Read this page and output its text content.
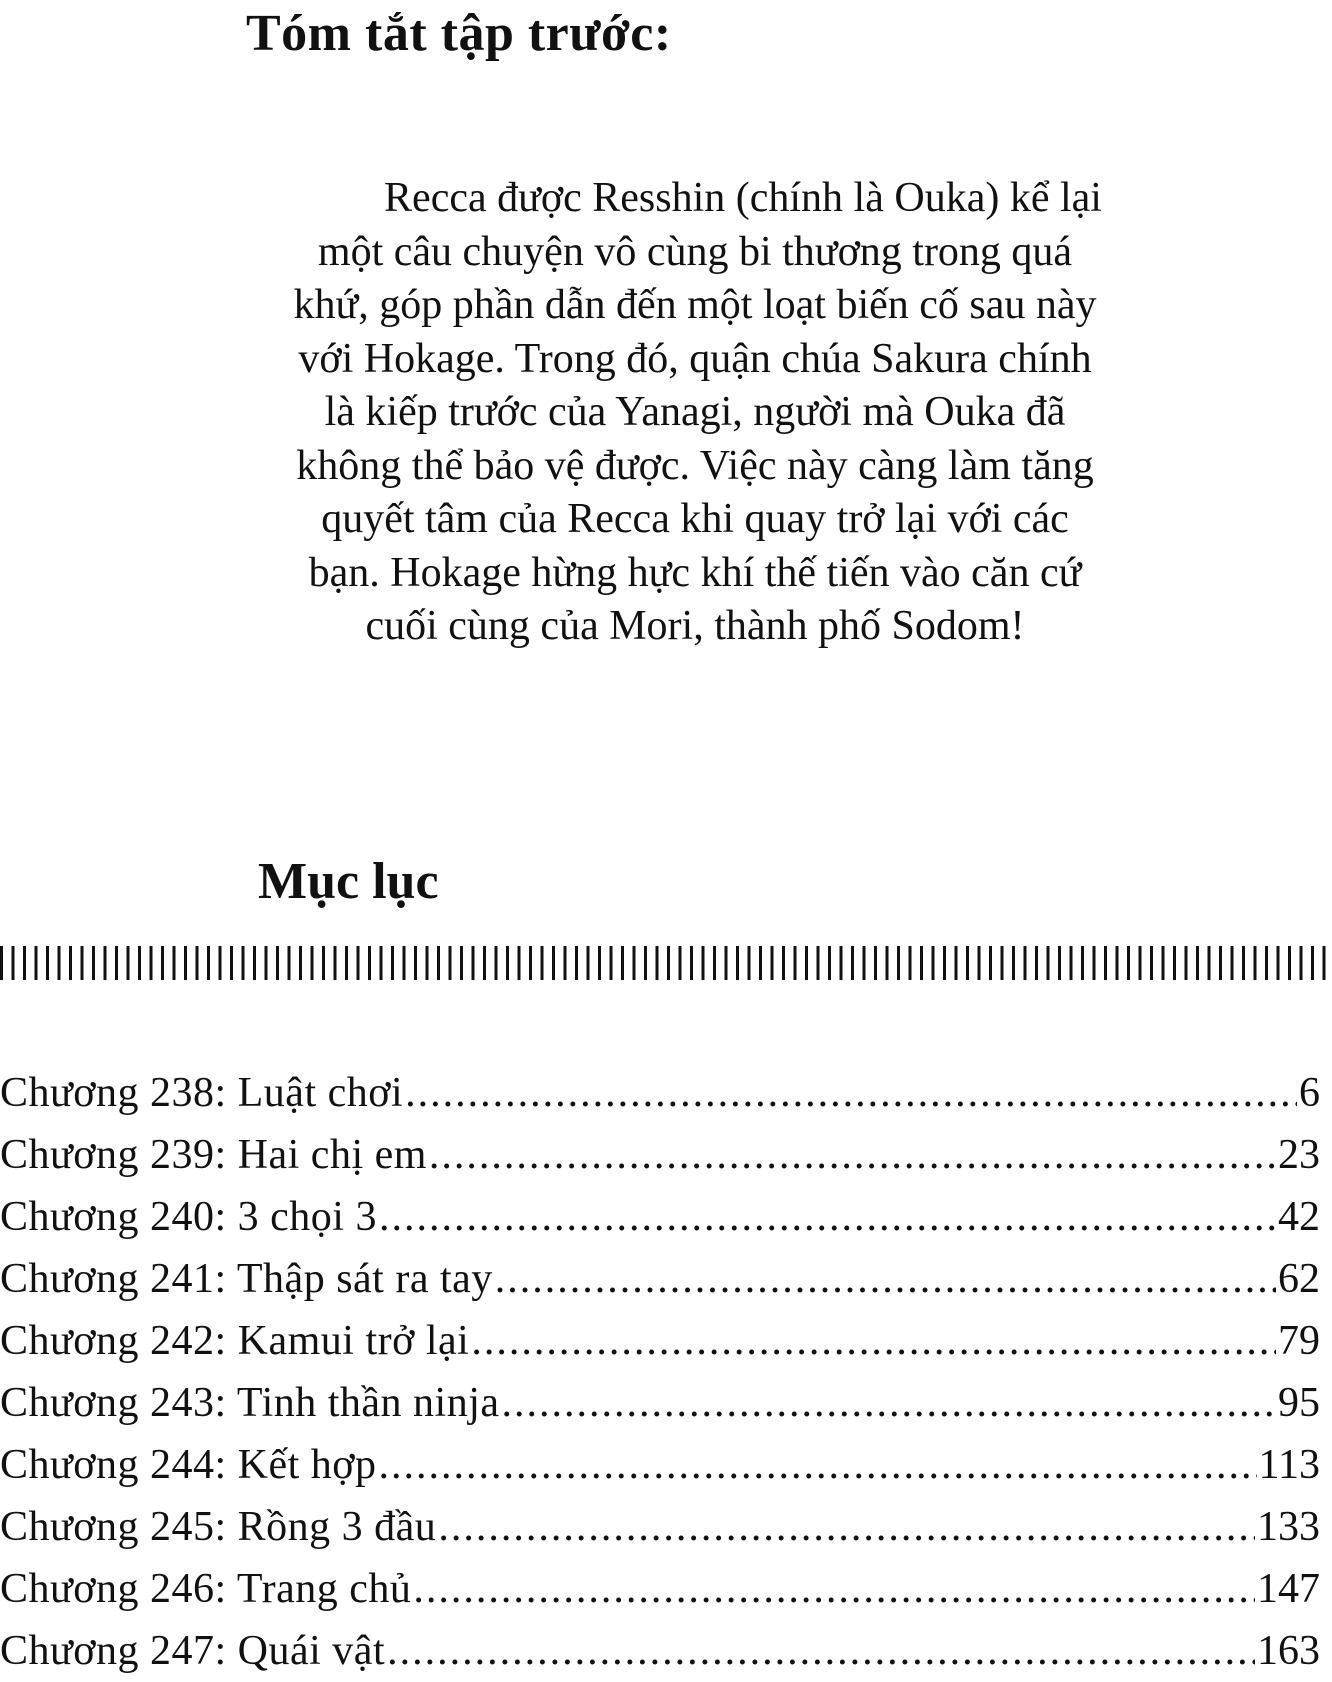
Tóm tắt tập trước:

Recca được Resshin (chính là Ouka) kể lại
một câu chuyện vô cùng bi thương trong quá
khứ, góp phần dẫn đến một loạt biến cố sau này
với Hokage. Trong đó, quận chúa Sakura chính
là kiếp trước của Yanagi, người mà Ouka đã
không thể bảo vệ được. Việc này càng làm tăng
quyết tâm của Recca khi quay trở lại với các
bạn. Hokage hừng hực khí thế tiến vào căn cứ
cuối cùng của Mori, thành phố Sodom!

Mục lục
Chương 238: Luật chơi .....	6
Chương 239: Hai chị em .....	23
Chương 240: 3 chọi 3 .....	42
Chương 241: Thập sát ra tay .....	62
Chương 242: Kamui trở lại .....	79
Chương 243: Tinh thần ninja .....	95
Chương 244: Kết hợp .....	113
Chương 245: Rồng 3 đầu .....	133
Chương 246: Trang chủ .....	147
Chương 247: Quái vật .....	163
